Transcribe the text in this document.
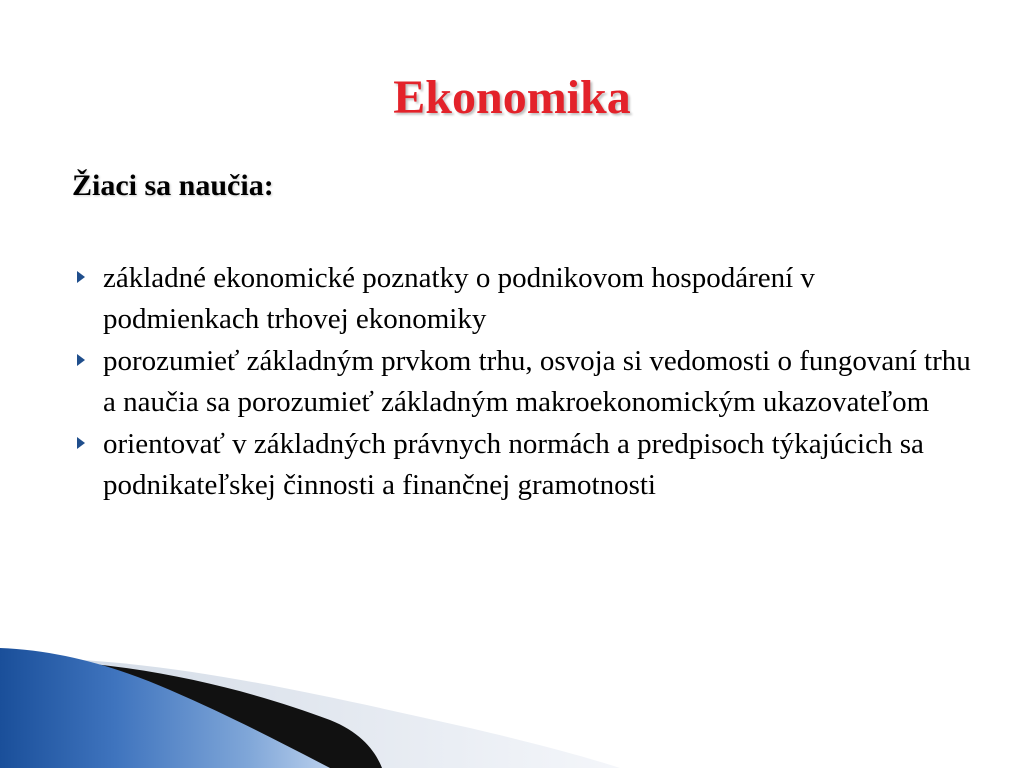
Ekonomika
Žiaci sa naučia:
základné ekonomické poznatky o podnikovom hospodárení v podmienkach trhovej ekonomiky
porozumieť základným prvkom trhu, osvoja si vedomosti o fungovaní trhu a naučia sa porozumieť základným makroekonomickým ukazovateľom
orientovať v základných právnych normách a predpisoch týkajúcich sa podnikateľskej činnosti a finančnej gramotnosti
